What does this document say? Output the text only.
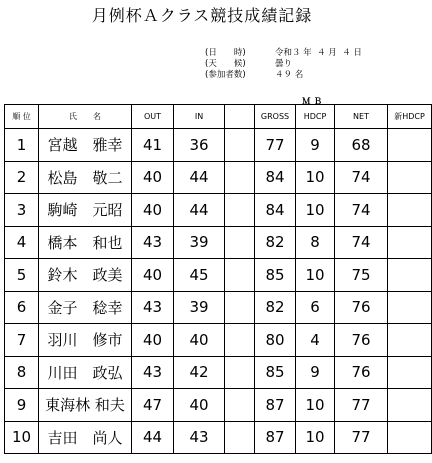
月例杯Ａクラス競技成績記録
(日　　時)	令和３ 年  ４ 月  ４ 日
(天　　候)	曇り
(参加者数)	４９ 名
ＭＢ
順 位	氏　　名	OUT	IN		GROSS	HDCP	NET	新HDCP
1	宮越　雅幸	41	36		77	9	68	
2	松島　敬二	40	44		84	10	74	
3	駒崎　元昭	40	44		84	10	74	
4	橋本　和也	43	39		82	8	74	
5	鈴木　政美	40	45		85	10	75	
6	金子　稔幸	43	39		82	6	76	
7	羽川　修市	40	40		80	4	76	
8	川田　政弘	43	42		85	9	76	
9	東海林 和夫	47	40		87	10	77	
10	吉田　尚人	44	43		87	10	77	
